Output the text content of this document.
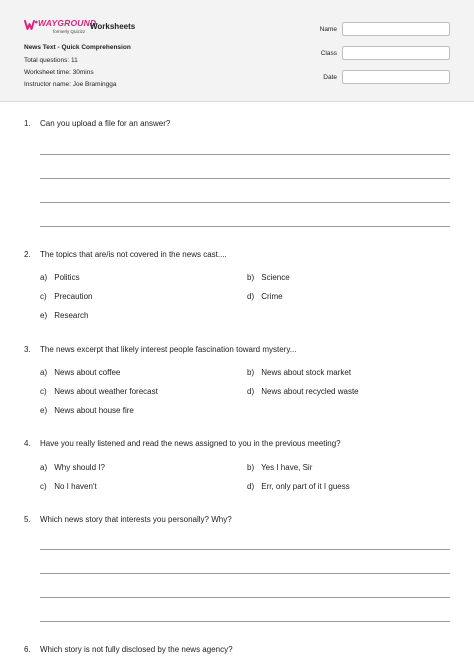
WAYGROUND
formerly Quizizz
Worksheets
News Text - Quick Comprehension
Total questions: 11
Worksheet time: 30mins
Instructor name: Joe Bramingga
Name
Class
Date
1. Can you upload a file for an answer?
2. The topics that are/is not covered in the news cast....
a) Politics	b) Science
c) Precaution	d) Crime
e) Research
3. The news excerpt that likely interest people fascination toward mystery...
a) News about coffee	b) News about stock market
c) News about weather forecast	d) News about recycled waste
e) News about house fire
4. Have you really listened and read the news assigned to you in the previous meeting?
a) Why should I?	b) Yes I have, Sir
c) No I haven't	d) Err, only part of it I guess
5. Which news story that interests you personally? Why?
6. Which story is not fully disclosed by the news agency?
